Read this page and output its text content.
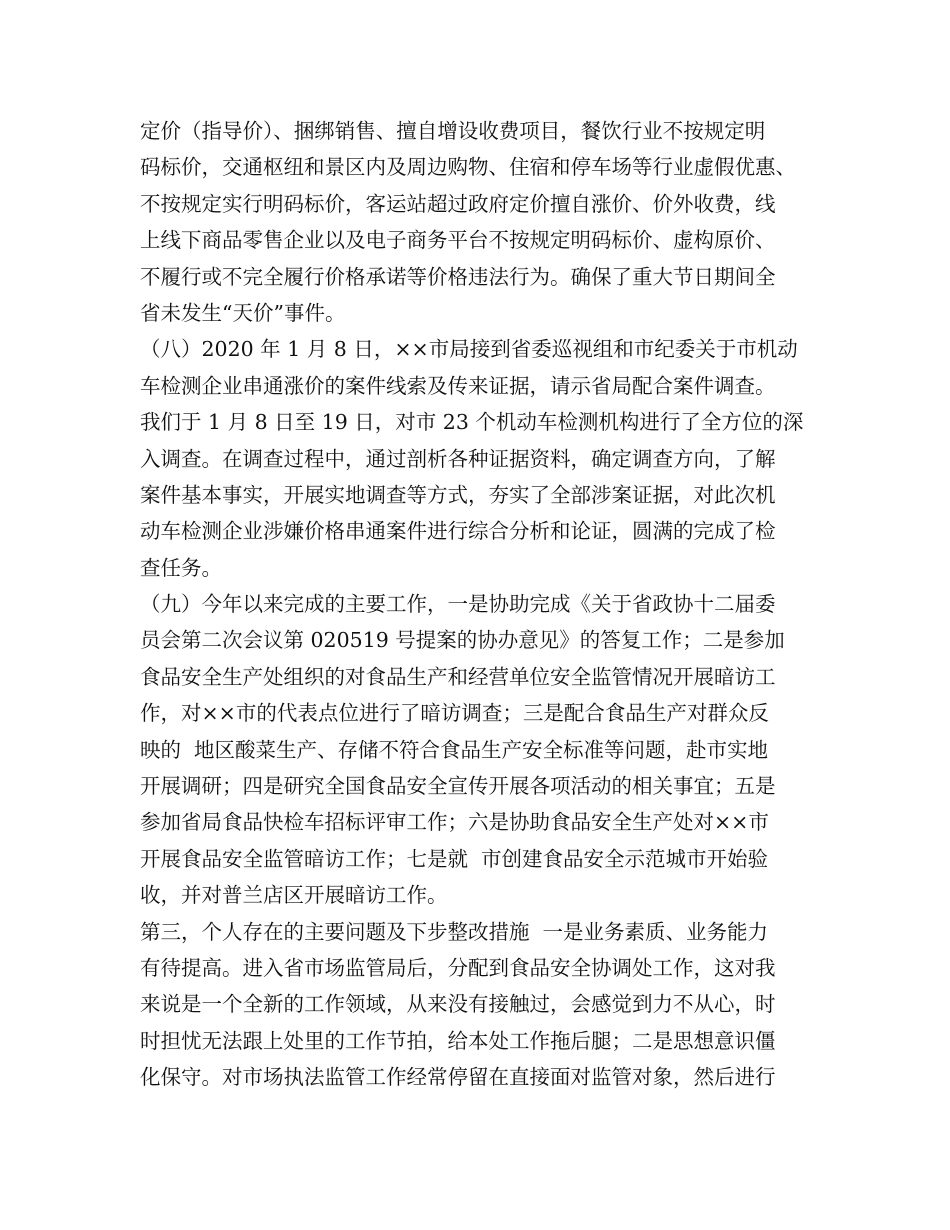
定价（指导价）、捆绑销售、擅自增设收费项目，餐饮行业不按规定明
码标价，交通枢纽和景区内及周边购物、住宿和停车场等行业虚假优惠、
不按规定实行明码标价，客运站超过政府定价擅自涨价、价外收费，线
上线下商品零售企业以及电子商务平台不按规定明码标价、虚构原价、
不履行或不完全履行价格承诺等价格违法行为。确保了重大节日期间全
省未发生“天价”事件。
（八）2020 年 1 月 8 日，××市局接到省委巡视组和市纪委关于市机动
车检测企业串通涨价的案件线索及传来证据，请示省局配合案件调查。
我们于 1 月 8 日至 19 日，对市 23 个机动车检测机构进行了全方位的深
入调查。在调查过程中，通过剖析各种证据资料，确定调查方向，了解
案件基本事实，开展实地调查等方式，夯实了全部涉案证据，对此次机
动车检测企业涉嫌价格串通案件进行综合分析和论证，圆满的完成了检
查任务。
（九）今年以来完成的主要工作，一是协助完成《关于省政协十二届委
员会第二次会议第 020519 号提案的协办意见》的答复工作；二是参加
食品安全生产处组织的对食品生产和经营单位安全监管情况开展暗访工
作，对××市的代表点位进行了暗访调查；三是配合食品生产对群众反
映的  地区酸菜生产、存储不符合食品生产安全标准等问题，赴市实地
开展调研；四是研究全国食品安全宣传开展各项活动的相关事宜；五是
参加省局食品快检车招标评审工作；六是协助食品安全生产处对××市
开展食品安全监管暗访工作；七是就  市创建食品安全示范城市开始验
收，并对普兰店区开展暗访工作。
第三，个人存在的主要问题及下步整改措施  一是业务素质、业务能力
有待提高。进入省市场监管局后，分配到食品安全协调处工作，这对我
来说是一个全新的工作领域，从来没有接触过，会感觉到力不从心，时
时担忧无法跟上处里的工作节拍，给本处工作拖后腿；二是思想意识僵
化保守。对市场执法监管工作经常停留在直接面对监管对象，然后进行
